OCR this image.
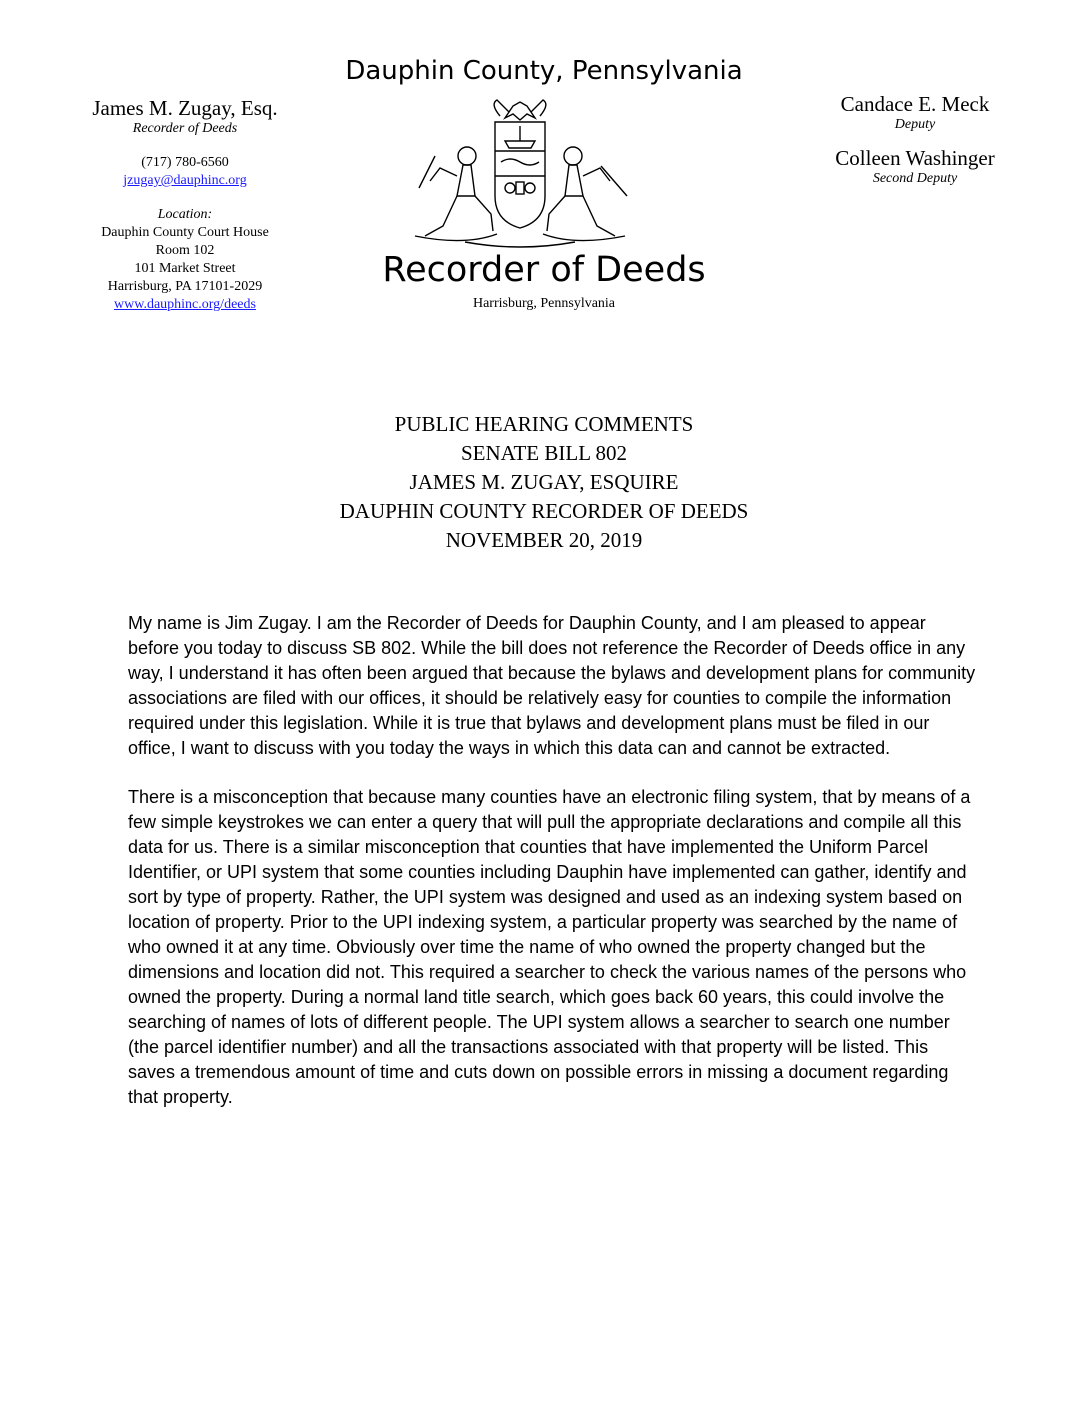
Dauphin County, Pennsylvania
James M. Zugay, Esq.
Recorder of Deeds
(717) 780-6560
jzugay@dauphinc.org
Location:
Dauphin County Court House
Room 102
101 Market Street
Harrisburg, PA 17101-2029
www.dauphinc.org/deeds
Candace E. Meck
Deputy
Colleen Washinger
Second Deputy
Recorder of Deeds
Harrisburg, Pennsylvania
PUBLIC HEARING COMMENTS
SENATE BILL 802
JAMES M. ZUGAY, ESQUIRE
DAUPHIN COUNTY RECORDER OF DEEDS
NOVEMBER 20, 2019

My name is Jim Zugay. I am the Recorder of Deeds for Dauphin County, and I am pleased to appear before you today to discuss SB 802. While the bill does not reference the Recorder of Deeds office in any way, I understand it has often been argued that because the bylaws and development plans for community associations are filed with our offices, it should be relatively easy for counties to compile the information required under this legislation. While it is true that bylaws and development plans must be filed in our office, I want to discuss with you today the ways in which this data can and cannot be extracted.

There is a misconception that because many counties have an electronic filing system, that by means of a few simple keystrokes we can enter a query that will pull the appropriate declarations and compile all this data for us. There is a similar misconception that counties that have implemented the Uniform Parcel Identifier, or UPI system that some counties including Dauphin have implemented can gather, identify and sort by type of property. Rather, the UPI system was designed and used as an indexing system based on location of property. Prior to the UPI indexing system, a particular property was searched by the name of who owned it at any time. Obviously over time the name of who owned the property changed but the dimensions and location did not. This required a searcher to check the various names of the persons who owned the property. During a normal land title search, which goes back 60 years, this could involve the searching of names of lots of different people. The UPI system allows a searcher to search one number (the parcel identifier number) and all the transactions associated with that property will be listed. This saves a tremendous amount of time and cuts down on possible errors in missing a document regarding that property.
